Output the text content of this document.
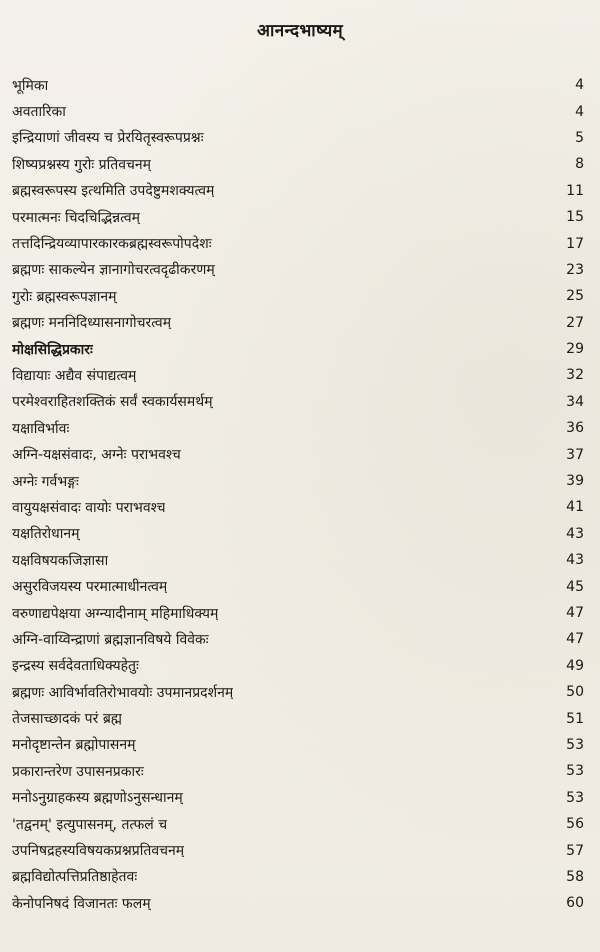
आनन्दभाष्यम्
भूमिका	4
अवतारिका	4
इन्द्रियाणां जीवस्य च प्रेरयितृस्वरूपप्रश्नः	5
शिष्यप्रश्नस्य गुरोः प्रतिवचनम्	8
ब्रह्मस्वरूपस्य इत्थमिति उपदेष्टुमशक्यत्वम्	11
परमात्मनः चिदचिद्भिन्नत्वम्	15
तत्तदिन्द्रियव्यापारकारकब्रह्मस्वरूपोपदेशः	17
ब्रह्मणः साकल्येन ज्ञानागोचरत्वदृढीकरणम्	23
गुरोः ब्रह्मस्वरूपज्ञानम्	25
ब्रह्मणः मननिदिध्यासनागोचरत्वम्	27
मोक्षसिद्धिप्रकारः	29
विद्यायाः अद्यैव संपाद्यत्वम्	32
परमेश्वराहितशक्तिकं सर्वं स्वकार्यसमर्थम्	34
यक्षाविर्भावः	36
अग्नि-यक्षसंवादः, अग्नेः पराभवश्च	37
अग्नेः गर्वभङ्गः	39
वायुयक्षसंवादः वायोः पराभवश्च	41
यक्षतिरोधानम्	43
यक्षविषयकजिज्ञासा	43
असुरविजयस्य परमात्माधीनत्वम्	45
वरुणाद्यपेक्षया अग्न्यादीनाम् महिमाधिक्यम्	47
अग्नि-वाय्विन्द्राणां ब्रह्मज्ञानविषये विवेकः	47
इन्द्रस्य सर्वदेवताधिक्यहेतुः	49
ब्रह्मणः आविर्भावतिरोभावयोः उपमानप्रदर्शनम्	50
तेजसाच्छादकं परं ब्रह्म	51
मनोदृष्टान्तेन ब्रह्मोपासनम्	53
प्रकारान्तरेण उपासनप्रकारः	53
मनोऽनुग्राहकस्य ब्रह्मणोऽनुसन्धानम्	53
'तद्वनम्' इत्युपासनम्, तत्फलं च	56
उपनिषद्रहस्यविषयकप्रश्नप्रतिवचनम्	57
ब्रह्मविद्योत्पत्तिप्रतिष्ठाहेतवः	58
केनोपनिषदं विजानतः फलम्	60
